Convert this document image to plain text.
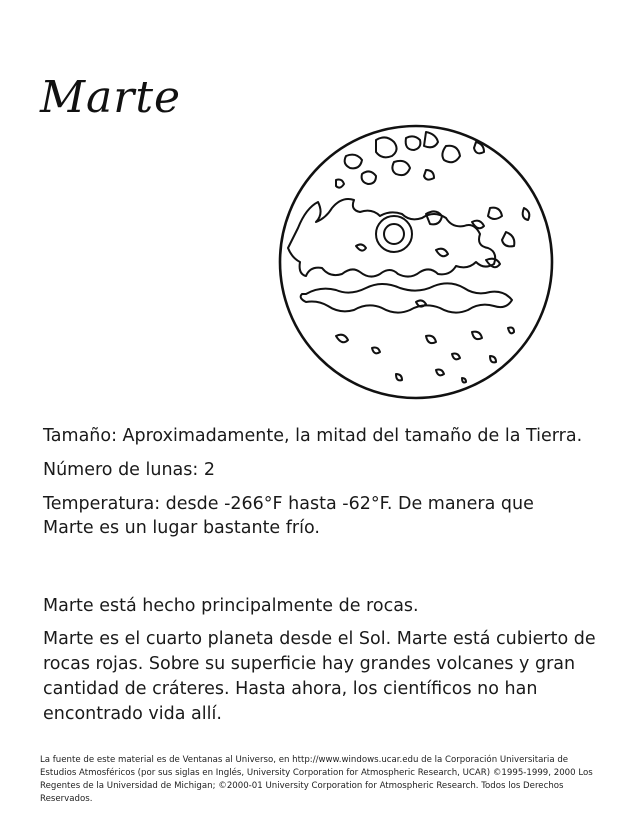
Marte

Tamaño: Aproximadamente, la mitad del tamaño de la Tierra.

Número de lunas: 2

Temperatura: desde -266°F hasta -62°F. De manera que

Marte es un lugar bastante frío.

Marte está hecho principalmente de rocas.

Marte es el cuarto planeta desde el Sol. Marte está cubierto de rocas rojas. Sobre su superficie hay grandes volcanes y gran cantidad de cráteres. Hasta ahora, los científicos no han encontrado vida allí.

La fuente de este material es de Ventanas al Universo, en http://www.windows.ucar.edu de la Corporación Universitaria de Estudios Atmosféricos (por sus siglas en Inglés, University Corporation for Atmospheric Research, UCAR) ©1995-1999, 2000 Los Regentes de la Universidad de Michigan; ©2000-01 University Corporation for Atmospheric Research. Todos los Derechos Reservados.
